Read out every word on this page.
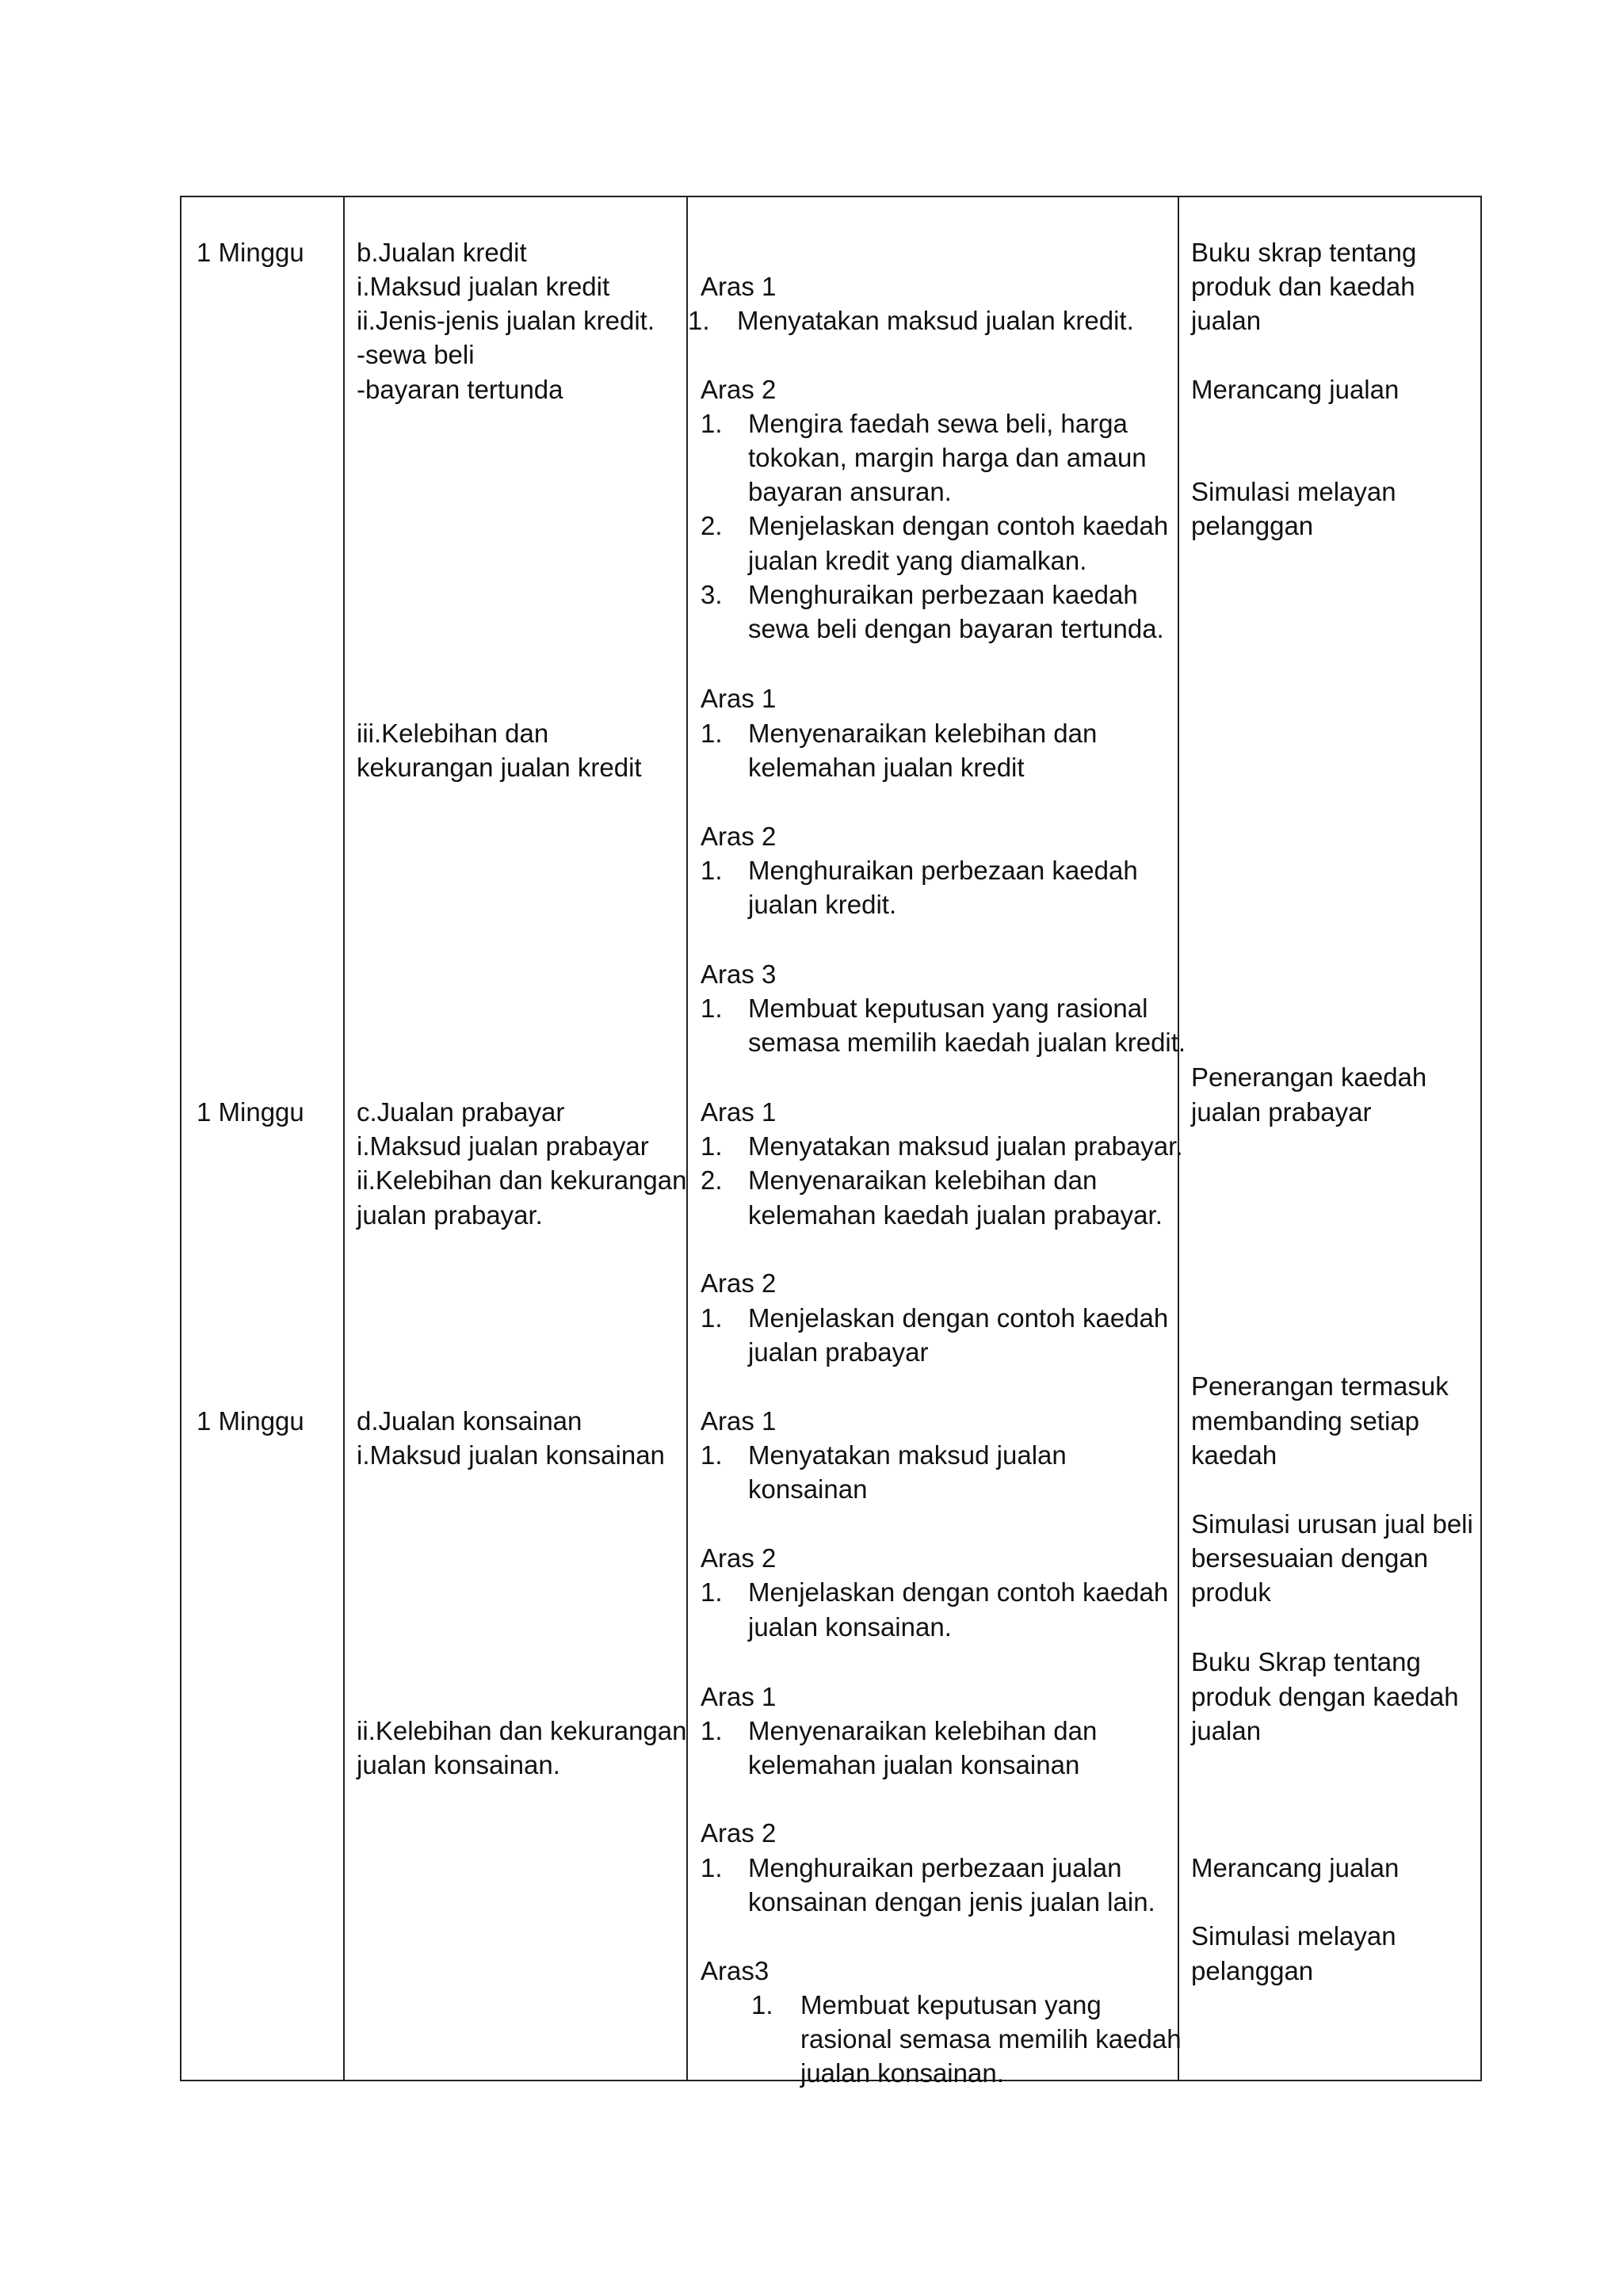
1 Minggu
1 Minggu
1 Minggu
b.Jualan kredit
i.Maksud jualan kredit
ii.Jenis-jenis jualan kredit.
-sewa beli
-bayaran tertunda
iii.Kelebihan dan
kekurangan jualan kredit
c.Jualan prabayar
i.Maksud jualan prabayar
ii.Kelebihan dan kekurangan
jualan prabayar.
d.Jualan konsainan
i.Maksud jualan konsainan
ii.Kelebihan dan kekurangan
jualan konsainan.
Aras 1
1. Menyatakan maksud jualan kredit.
Aras 2
1. Mengira faedah sewa beli, harga
tokokan, margin harga dan amaun
bayaran ansuran.
2. Menjelaskan dengan contoh kaedah
jualan kredit yang diamalkan.
3. Menghuraikan perbezaan kaedah
sewa beli dengan bayaran tertunda.
Aras 1
1. Menyenaraikan kelebihan dan
kelemahan jualan kredit
Aras 2
1. Menghuraikan perbezaan kaedah
jualan kredit.
Aras 3
1. Membuat keputusan yang rasional
semasa memilih kaedah jualan kredit.
Aras 1
1. Menyatakan maksud jualan prabayar.
2. Menyenaraikan kelebihan dan
kelemahan kaedah jualan prabayar.
Aras 2
1. Menjelaskan dengan contoh kaedah
jualan prabayar
Aras 1
1. Menyatakan maksud jualan
konsainan
Aras 2
1. Menjelaskan dengan contoh kaedah
jualan konsainan.
Aras 1
1. Menyenaraikan kelebihan dan
kelemahan jualan konsainan
Aras 2
1. Menghuraikan perbezaan jualan
konsainan dengan jenis jualan lain.
Aras3
1. Membuat keputusan yang
rasional semasa memilih kaedah
jualan konsainan.
Buku skrap tentang
produk dan kaedah
jualan
Merancang jualan
Simulasi melayan
pelanggan
Penerangan kaedah
jualan prabayar
Penerangan termasuk
membanding setiap
kaedah
Simulasi urusan jual beli
bersesuaian dengan
produk
Buku Skrap tentang
produk dengan kaedah
jualan
Merancang jualan
Simulasi melayan
pelanggan
